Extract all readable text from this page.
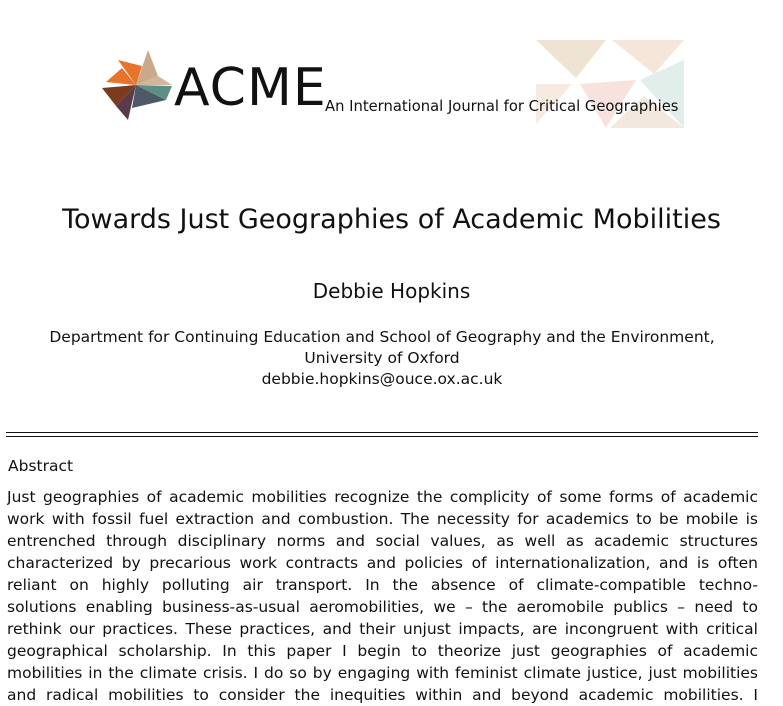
ACME
An International Journal for Critical Geographies
Towards Just Geographies of Academic Mobilities
Debbie Hopkins
Department for Continuing Education and School of Geography and the Environment,
University of Oxford
debbie.hopkins@ouce.ox.ac.uk
Abstract
Just geographies of academic mobilities recognize the complicity of some forms of academic
work with fossil fuel extraction and combustion. The necessity for academics to be mobile is
entrenched through disciplinary norms and social values, as well as academic structures
characterized by precarious work contracts and policies of internationalization, and is often
reliant on highly polluting air transport. In the absence of climate-compatible techno-
solutions enabling business-as-usual aeromobilities, we – the aeromobile publics – need to
rethink our practices. These practices, and their unjust impacts, are incongruent with critical
geographical scholarship. In this paper I begin to theorize just geographies of academic
mobilities in the climate crisis. I do so by engaging with feminist climate justice, just mobilities
and radical mobilities to consider the inequities within and beyond academic mobilities. I
